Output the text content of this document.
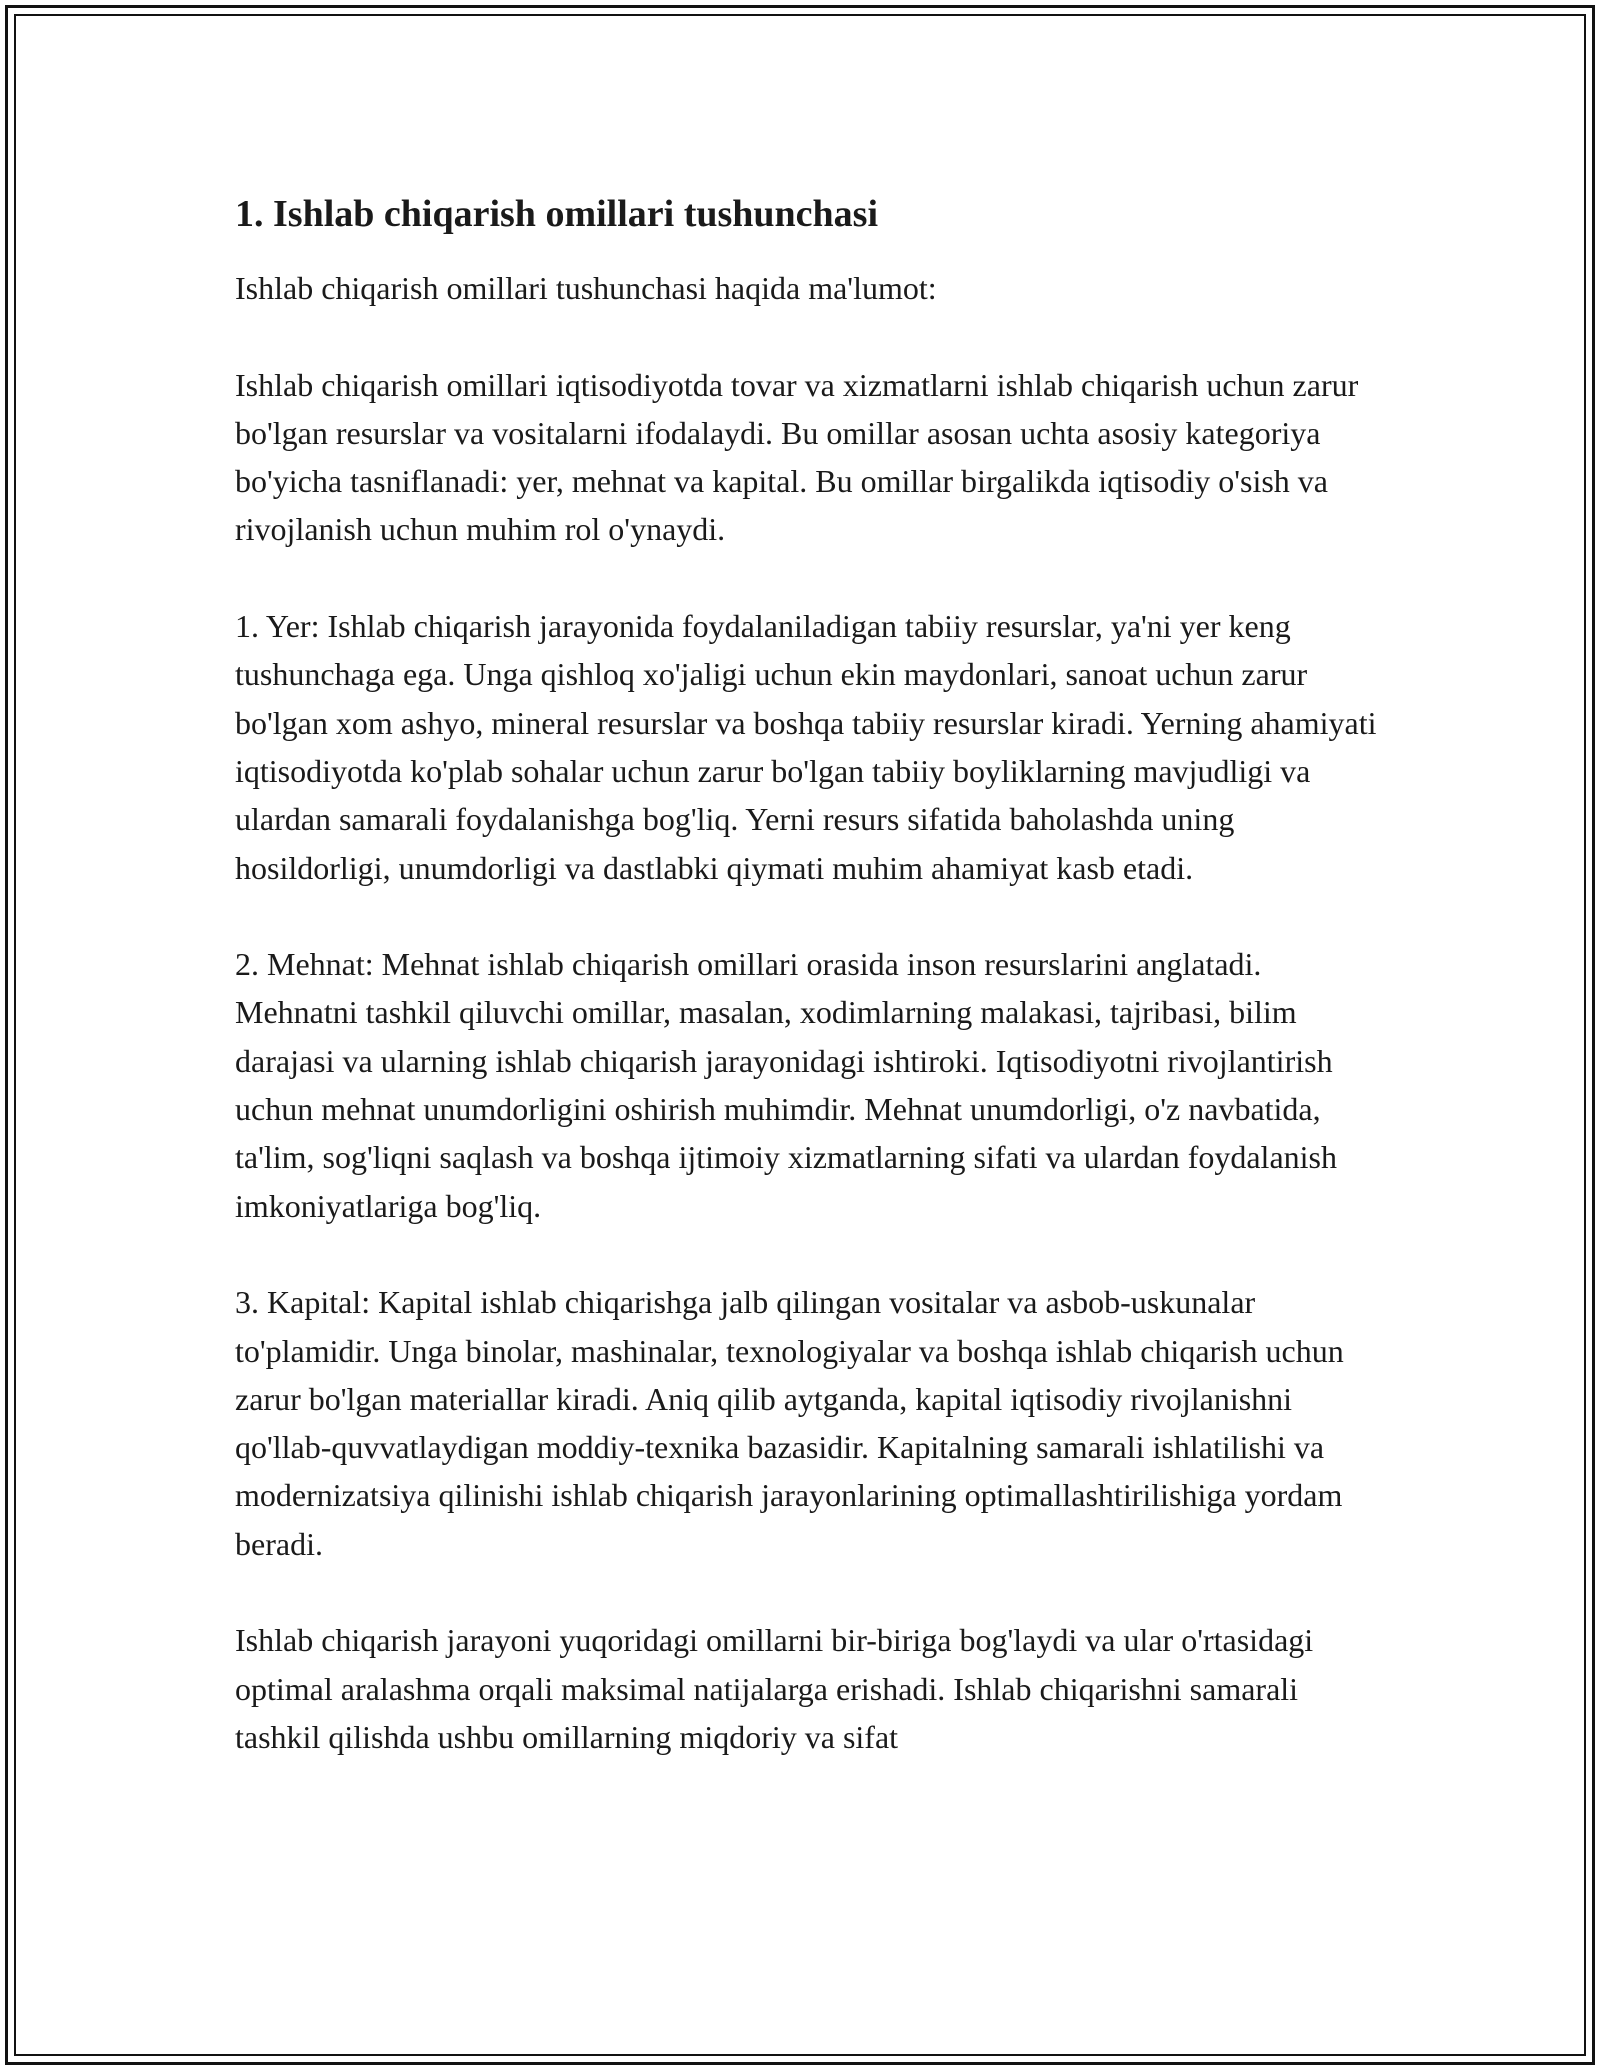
1. Ishlab chiqarish omillari tushunchasi

Ishlab chiqarish omillari tushunchasi haqida ma'lumot:

Ishlab chiqarish omillari iqtisodiyotda tovar va xizmatlarni ishlab chiqarish uchun zarur bo'lgan resurslar va vositalarni ifodalaydi. Bu omillar asosan uchta asosiy kategoriya bo'yicha tasniflanadi: yer, mehnat va kapital. Bu omillar birgalikda iqtisodiy o'sish va rivojlanish uchun muhim rol o'ynaydi.

1. Yer: Ishlab chiqarish jarayonida foydalaniladigan tabiiy resurslar, ya'ni yer keng tushunchaga ega. Unga qishloq xo'jaligi uchun ekin maydonlari, sanoat uchun zarur bo'lgan xom ashyo, mineral resurslar va boshqa tabiiy resurslar kiradi. Yerning ahamiyati iqtisodiyotda ko'plab sohalar uchun zarur bo'lgan tabiiy boyliklarning mavjudligi va ulardan samarali foydalanishga bog'liq. Yerni resurs sifatida baholashda uning hosildorligi, unumdorligi va dastlabki qiymati muhim ahamiyat kasb etadi.

2. Mehnat: Mehnat ishlab chiqarish omillari orasida inson resurslarini anglatadi. Mehnatni tashkil qiluvchi omillar, masalan, xodimlarning malakasi, tajribasi, bilim darajasi va ularning ishlab chiqarish jarayonidagi ishtiroki. Iqtisodiyotni rivojlantirish uchun mehnat unumdorligini oshirish muhimdir. Mehnat unumdorligi, o'z navbatida, ta'lim, sog'liqni saqlash va boshqa ijtimoiy xizmatlarning sifati va ulardan foydalanish imkoniyatlariga bog'liq.

3. Kapital: Kapital ishlab chiqarishga jalb qilingan vositalar va asbob-uskunalar to'plamidir. Unga binolar, mashinalar, texnologiyalar va boshqa ishlab chiqarish uchun zarur bo'lgan materiallar kiradi. Aniq qilib aytganda, kapital iqtisodiy rivojlanishni qo'llab-quvvatlaydigan moddiy-texnika bazasidir. Kapitalning samarali ishlatilishi va modernizatsiya qilinishi ishlab chiqarish jarayonlarining optimallashtirilishiga yordam beradi.

Ishlab chiqarish jarayoni yuqoridagi omillarni bir-biriga bog'laydi va ular o'rtasidagi optimal aralashma orqali maksimal natijalarga erishadi. Ishlab chiqarishni samarali tashkil qilishda ushbu omillarning miqdoriy va sifat
